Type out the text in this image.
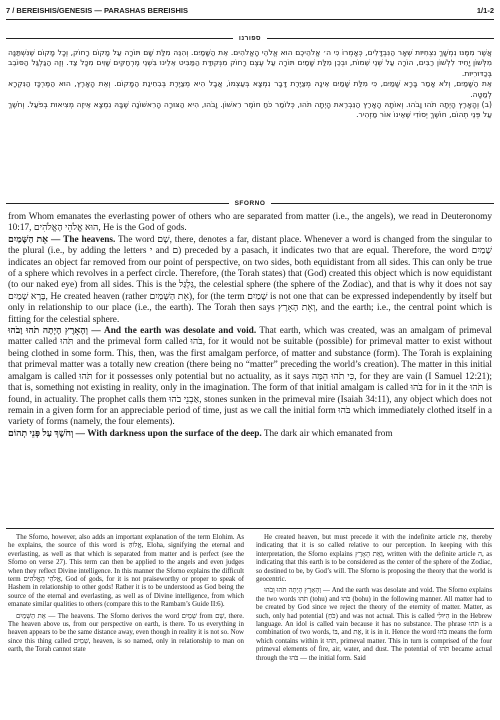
7 / BEREISHIS/GENESIS — PARASHAS BEREISHIS	1/1-2
ספורנו

אֲשֶׁר מִמֶּנּוּ נִמְשָׁךְ נִצְחִיּוּת שְׁאָר הַנִּבְדָּלִים, כְּאָמְרוֹ כִּי ה׳ אֱלֹהֵיכֶם הוּא אֱלֹהֵי הָאֱלֹהִים. אֵת הַשָּׁמַיִם. וְהִנֵּה מִלַּת שָׁם תּוֹרָה עַל מָקוֹם רָחוֹק, וְכָל מָקוֹם שֶׁנִּשְׁתַּנָּה מִלְּשׁוֹן יָחִיד לִלְשׁוֹן רַבִּים, הוֹרָה עַל שְׁנֵי שֵׁמוֹת, וּבְכֵן מִלַּת שָׁמַיִם תּוֹרָה עַל עֶצֶם רָחוֹק מִנְּקוּדַּת הַמַּבִּיט אֵלֵינוּ בִּשְׁנֵי מֶרְחַקִּים שָׁוִים מִכָּל צַד. וְזֶה הַגַּלְגַּל הַסּוֹבֵב בְּכַדּוּרִיּוּת.

אֵת הַשָּׁמַיִם, וְלֹא אָמַר בָּרָא שָׁמַיִם, כִּי מִלַּת שָׁמַיִם אֵינָהּ מְצַיֶּרֶת דָּבָר נִמְצָא בְּעַצְמוֹ, אֲבָל הִיא מְצַיֶּרֶת בְּבִחִינַת הַמָּקוֹם. וְאֵת הָאָרֶץ, הוּא הַמֶּרְכָּז הַנִּקְרָא לְמַטָּה.

(ב) וְהָאָרֶץ הָיְתָה תֹהוּ וָבֹהוּ. וְאוֹתָהּ הָאָרֶץ הַנִּבְרֵאת הָיְתָה תֹהוּ, כְּלוֹמַר כֹּחַ חוֹמֶר רִאשׁוֹן. וָבֹהוּ, הִיא הַצּוּרָה הָרִאשׁוֹנָה שֶׁבָּהּ נִמְצָא אֵיזֶה מְצִיאוּת בְּפֹעַל. וְחֹשֶׁךְ עַל פְּנֵי תְהוֹם, חוֹשֶׁךְ יְסוֹדִי שֶׁאֵינוֹ אוֹר מַזְהִיר.

SFORNO

from Whom emanates the everlasting power of others who are separated from matter (i.e., the angels), we read in Deuteronomy 10:17, הוּא אֱלֹהֵי הָאֱלֹהִים, He is the God of gods.

אֵת הַשָּׁמַיִם — The heavens. The word שָׁם, there, denotes a far, distant place. Whenever a word is changed from the singular to the plural (i.e., by adding the letters י and ם) preceded by a pasach, it indicates two that are equal. Therefore, the word שָׁמַיִם indicates an object far removed from our point of perspective, on two sides, both equidistant from all sides. This can only be true of a sphere which revolves in a perfect circle. Therefore, (the Torah states) that (God) created this object which is now equidistant (to our naked eye) from all sides. This is the גַּלְגַּל, the celestial sphere (the sphere of the Zodiac), and that is why it does not say בָּרָא שָׁמַיִם, He created heaven (rather אֵת הַשָּׁמַיִם), for (the term שָׁמַיִם is not one that can be expressed independently by itself but only in relationship to our place (i.e., the earth). The Torah then says וְאֵת הָאָרֶץ, and the earth; i.e., the central point which is fitting for the celestial sphere.

וְהָאָרֶץ הָיְתָה תֹהוּ וָבֹהוּ — And the earth was desolate and void. That earth, which was created, was an amalgam of primeval matter called תֹּהוּ and the primeval form called בֹּהוּ, for it would not be suitable (possible) for primeval matter to exist without being clothed in some form. This, then, was the first amalgam perforce, of matter and substance (form). The Torah is explaining that primeval matter was a totally new creation (there being no “matter” preceding the world’s creation). The matter in this initial amalgam is called תֹּהוּ for it possesses only potential but no actuality, as it says כִּי תֹהוּ הֵמָּה, for they are vain (I Samuel 12:21); that is, something not existing in reality, only in the imagination. The form of that initial amalgam is called בֹּהוּ for in it the תֹּהוּ is found, in actuality. The prophet calls them אַבְנֵי בֹהוּ, stones sunken in the primeval mire (Isaiah 34:11), any object which does not remain in a given form for an appreciable period of time, just as we call the initial form בֹּהוּ which immediately clothed itself in a variety of forms (namely, the four elements).

וְחֹשֶׁךְ עַל פְּנֵי תְהוֹם — With darkness upon the surface of the deep. The dark air which emanated from

The Sforno, however, also adds an important explanation of the term Elohim. As he explains, the source of this word is אֱלוֹהַּ, Eloha, signifying the eternal and everlasting, as well as that which is separated from matter and is perfect (see the Sforno on verse 27). This term can then be applied to the angels and even judges when they reflect Divine intelligence. In this manner the Sforno explains the difficult term אֱלֹהֵי הָאֱלֹהִים, God of gods, for it is not praiseworthy or proper to speak of Hashem in relationship to other gods! Rather it is to be understood as God being the source of the eternal and everlasting, as well as of Divine intelligence, from which emanate similar qualities to others (compare this to the Rambam’s Guide II:6).

אֵת הַשָּׁמַיִם — The heavens. The Sforno derives the word שָׁמַיִם from שָׁם, there. The heaven above us, from our perspective on earth, is there. To us everything in heaven appears to be the same distance away, even though in reality it is not so. Now since this thing called שָׁמַיִם, heaven, is so named, only in relationship to man on earth, the Torah cannot state

He created heaven, but must precede it with the indefinite article אֵת, thereby indicating that it is so called relative to our perception. In keeping with this interpretation, the Sforno explains וְאֵת הָאָרֶץ, written with the definite article ה, as indicating that this earth is to be considered as the center of the sphere of the Zodiac, so destined to be, by God’s will. The Sforno is proposing the theory that the world is geocentric.

וְהָאָרֶץ הָיְתָה תֹהוּ וָבֹהוּ — And the earth was desolate and void. The Sforno explains the two words תֹּהוּ (tohu) and בֹּהוּ (bohu) in the following manner. All matter had to be created by God since we reject the theory of the eternity of matter. Matter, as such, only had potential (כֹּחַ) and was not actual. This is called הִיּוּלִי in the Hebrew language. An idol is called vain because it has no substance. The phrase תֹּהוּ is a combination of two words, בּוֹ, and אֶת, it is in it. Hence the word בֹּהוּ means the form which contains within it תֹּהוּ, primeval matter. This in turn is comprised of the four primeval elements of fire, air, water, and dust. The potential of תֹּהוּ became actual through the בֹּהוּ — the initial form. Said
